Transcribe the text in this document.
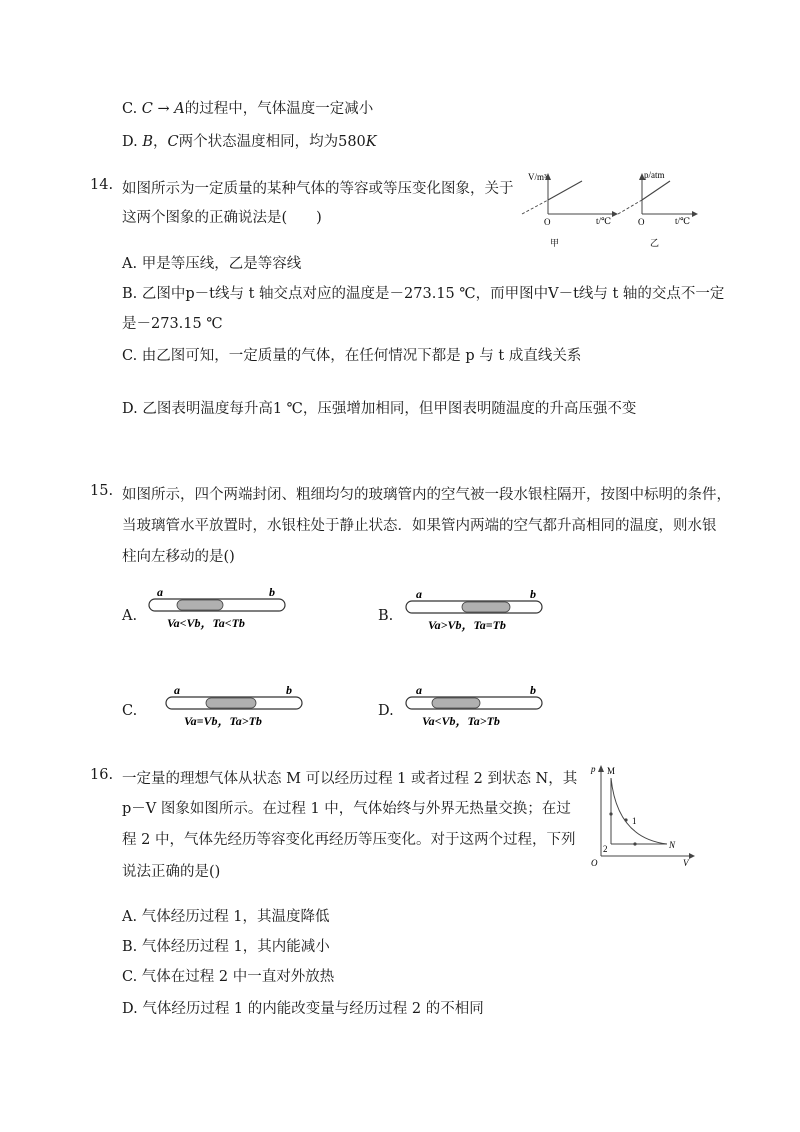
C. C → A的过程中，气体温度一定减小
D. B，C两个状态温度相同，均为580K
14. 如图所示为一定质量的某种气体的等容或等压变化图象，关于
这两个图象的正确说法是(　　)
V/m³
O	t/℃
甲
p/atm
O	t/℃
乙
A. 甲是等压线，乙是等容线
B. 乙图中p－t线与 t 轴交点对应的温度是－273.15 ℃，而甲图中V－t线与 t 轴的交点不一定
是－273.15 ℃
C. 由乙图可知，一定质量的气体，在任何情况下都是 p 与 t 成直线关系
D. 乙图表明温度每升高1 ℃，压强增加相同，但甲图表明随温度的升高压强不变
15. 如图所示，四个两端封闭、粗细均匀的玻璃管内的空气被一段水银柱隔开，按图中标明的条件，
当玻璃管水平放置时，水银柱处于静止状态．如果管内两端的空气都升高相同的温度，则水银
柱向左移动的是()
A.
a	b
Va<Vb，Ta<Tb	B.
a	b
Va>Vb，Ta=Tb
C.
a	b
Va=Vb，Ta>Tb
D.
a	b
Va<Vb，Ta>Tb
16. 一定量的理想气体从状态 M 可以经历过程 1 或者过程 2 到状态 N，其
p－V 图象如图所示。在过程 1 中，气体始终与外界无热量交换；在过
程 2 中，气体先经历等容变化再经历等压变化。对于这两个过程，下列
说法正确的是()
p M
1
2	N
O	V
A. 气体经历过程 1，其温度降低
B. 气体经历过程 1，其内能减小
C. 气体在过程 2 中一直对外放热
D. 气体经历过程 1 的内能改变量与经历过程 2 的不相同
